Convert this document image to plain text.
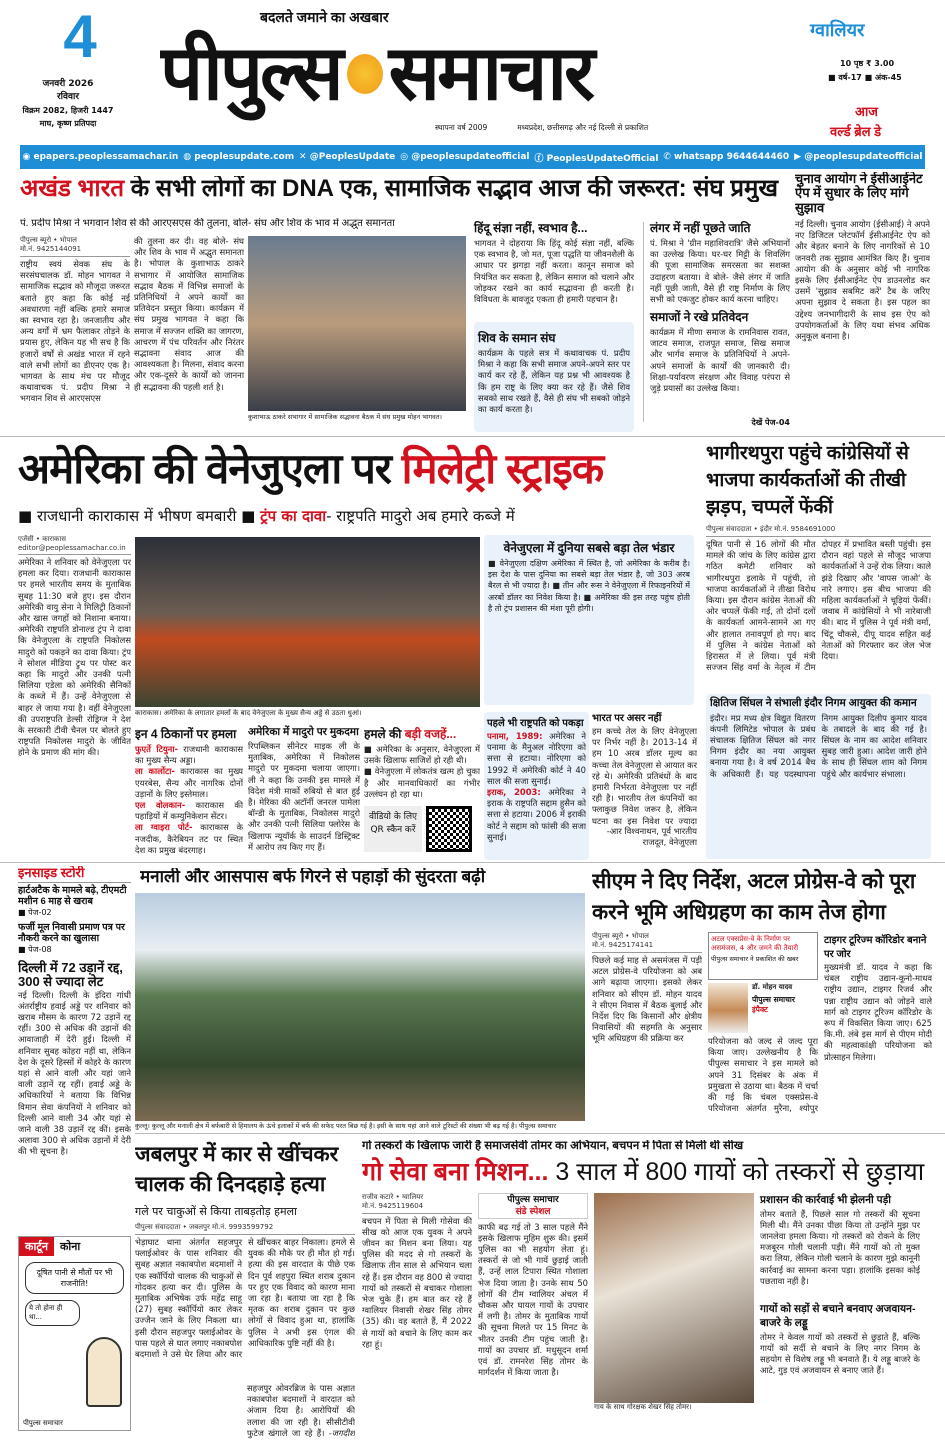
4
जनवरी 2026
रविवार
विक्रम 2082, हिजरी 1447
माघ, कृष्ण प्रतिपदा
बदलते जमाने का अखबार
पीपुल्स समाचार
स्थापना वर्ष 2009	मध्यप्रदेश, छत्तीसगढ़ और नई दिल्ली से प्रकाशित
ग्वालियर
10 पृष्ठ ₹ 3.00
■ वर्ष-17 ■ अंक-45
आज
वर्ल्ड ब्रेल डे
◉ epapers.peoplessamachar.in ◍ peoplesupdate.com ✕ @PeoplesUpdate ◎ @peoplesupdateofficial ⓕ PeoplesUpdateOfficial ✆ whatsapp 9644644460 ▶ @peoplesupdateofficial
अखंड भारत के सभी लोगों का DNA एक, सामाजिक सद्भाव आज की जरूरत: संघ प्रमुख
पं. प्रदीप मिश्रा ने भगवान शिव से की आरएसएस की तुलना, बोले- संघ और शिव के भाव में अद्भुत समानता
पीपुल्स ब्यूरो • भोपाल
मो.नं. 9425144091
राष्ट्रीय स्वयं सेवक संघ के सरसंघचालक डॉ. मोहन भागवत ने सामाजिक सद्भाव को मौजूदा जरूरत बताते हुए कहा कि कोई नई अवधारणा नहीं बल्कि हमारे समाज का स्वभाव रहा है। जनजातीय और अन्य वर्गों में भ्रम फैलाकर तोड़ने के प्रयास हुए, लेकिन यह भी सच है कि हजारों वर्षों से अखंड भारत में रहने वाले सभी लोगों का डीएनए एक है। भागवत के साथ मंच पर मौजूद कथावाचक पं. प्रदीप मिश्रा ने भगवान शिव से आरएसएस
की तुलना कर दी। वह बोले- संघ और शिव के भाव में अद्भुत समानता है। भोपाल के कुशाभाऊ ठाकरे सभागार में आयोजित सामाजिक सद्भाव बैठक में विभिन्न समाजों के प्रतिनिधियों ने अपने कार्यों का प्रतिवेदन प्रस्तुत किया। कार्यक्रम में संघ प्रमुख भागवत ने कहा कि समाज में सज्जन शक्ति का जागरण, आचरण में पंच परिवर्तन और निरंतर सद्भावना संवाद आज की आवश्यकता है। मिलना, संवाद करना और एक-दूसरे के कार्यों को जानना ही सद्भावना की पहली शर्त है।
कुशाभाऊ ठाकरे सभागार में सामाजिक सद्भावना बैठक में संघ प्रमुख मोहन भागवत।
हिंदू संज्ञा नहीं, स्वभाव है...
भागवत ने दोहराया कि हिंदू कोई संज्ञा नहीं, बल्कि एक स्वभाव है, जो मत, पूजा पद्धति या जीवनशैली के आधार पर झगड़ा नहीं करता। कानून समाज को नियंत्रित कर सकता है, लेकिन समाज को चलाने और जोड़कर रखने का कार्य सद्भावना ही करती है। विविधता के बावजूद एकता ही हमारी पहचान है।
शिव के समान संघ
कार्यक्रम के पहले सत्र में कथावाचक पं. प्रदीप मिश्रा ने कहा कि सभी समाज अपने-अपने स्तर पर कार्य कर रहे हैं, लेकिन यह प्रश्न भी आवश्यक है कि हम राष्ट्र के लिए क्या कर रहे हैं। जैसे शिव सबको साथ रखते हैं, वैसे ही संघ भी सबको जोड़ने का कार्य करता है।
लंगर में नहीं पूछते जाति
पं. मिश्रा ने 'ग्रीन महाशिवरात्रि' जैसे अभियानों का उल्लेख किया। घर-घर मिट्टी के शिवलिंग की पूजा सामाजिक समरसता का सशक्त उदाहरण बताया। वे बोले- जैसे लंगर में जाति नहीं पूछी जाती, वैसे ही राष्ट्र निर्माण के लिए सभी को एकजुट होकर कार्य करना चाहिए।
समाजों ने रखे प्रतिवेदन
कार्यक्रम में मीणा समाज के रामनिवास रावत, जाटव समाज, राजपूत समाज, सिख समाज और भार्गव समाज के प्रतिनिधियों ने अपने-अपने समाजों के कार्यों की जानकारी दी। शिक्षा-पर्यावरण संरक्षण और विवाह परंपरा से जुड़े प्रयासों का उल्लेख किया।
देखें पेज-04
चुनाव आयोग ने ईसीआईनेट ऐप में सुधार के लिए मांगे सुझाव
नई दिल्ली। चुनाव आयोग (ईसीआई) ने अपने नए डिजिटल प्लेटफॉर्म ईसीआईनेट ऐप को और बेहतर बनाने के लिए नागरिकों से 10 जनवरी तक सुझाव आमंत्रित किए हैं। चुनाव आयोग की के अनुसार कोई भी नागरिक इसके लिए ईसीआईनेट ऐप डाउनलोड कर उसमें 'सुझाव सबमिट करें' टैब के जरिए अपना सुझाव दे सकता है। इस पहल का उद्देश्य जनभागीदारी के साथ इस ऐप को उपयोगकर्ताओं के लिए यथा संभव अधिक अनुकूल बनाना है।
अमेरिका की वेनेजुएला पर मिलेट्री स्ट्राइक
■ राजधानी काराकास में भीषण बमबारी ■ ट्रंप का दावा- राष्ट्रपति मादुरो अब हमारे कब्जे में
एजेंसी • काराकास
editor@peoplessamachar.co.in
अमेरिका ने शनिवार को वेनेजुएला पर हमला कर दिया। राजधानी काराकास पर हमले भारतीय समय के मुताबिक सुबह 11:30 बजे हुए। इस दौरान अमेरिकी वायु सेना ने मिलिट्री ठिकानों और खास जगहों को निशाना बनाया। अमेरिकी राष्ट्रपति डोनाल्ड ट्रंप ने दावा कि वेनेजुएला के राष्ट्रपति निकोलस मादुरो को पकड़ने का दावा किया। ट्रंप ने सोशल मीडिया ट्रुथ पर पोस्ट कर कहा कि मादुरो और उनकी पत्नी सिलिया एडेला को अमेरिकी सैनिकों के कब्जे में हैं। उन्हें वेनेजुएला से बाहर ले जाया गया है। वहीं वेनेजुएला की उपराष्ट्रपति डेल्सी रोड्रिग्ज ने देश के सरकारी टीवी चैनल पर बोलते हुए राष्ट्रपति निकोलस मादुरो के जीवित होने के प्रमाण की मांग की।
काराकास। अमेरिका के लगातार हमलों के बाद वेनेजुएला के मुख्य सैन्य अड्डे से उठता धुआं।
वेनेजुएला में दुनिया सबसे बड़ा तेल भंडार
■ वेनेजुएला दक्षिण अमेरिका में स्थित है, जो अमेरिका के करीब है। इस देश के पास दुनिया का सबसे बड़ा तेल भंडार है, जो 303 अरब बैरल से भी ज्यादा है। ■ तीन और रूस ने वेनेजुएला में रिफाइनरियों में अरबों डॉलर का निवेश किया है। ■ अमेरिका की इस तरह पहुंच होती है तो ट्रंप प्रशासन की मंशा पूरी होगी।
इन 4 ठिकानों पर हमला
फुएर्ते टियुना- राजधानी काराकास का मुख्य सैन्य अड्डा।
ला कार्लोटा- काराकास का मुख्य एयरबेस, सैन्य और नागरिक दोनों उड़ानों के लिए इस्तेमाल।
एल वोलकान- काराकास की पहाड़ियों में कम्युनिकेशन सेंटर।
ला ग्वाइरा पोर्ट- काराकास के नजदीक, कैरेबियन तट पर स्थित देश का प्रमुख बंदरगाह।
अमेरिका में मादुरो पर मुकदमा
रिपब्लिकन सीनेटर माइक ली के मुताबिक, अमेरिका में निकोलस मादुरो पर मुकदमा चलाया जाएगा। ली ने कहा कि उनकी इस मामले में विदेश मंत्री मार्को रुबियो से बात हुई है। मेरिका की अटॉर्नी जनरल पामेला बॉन्डी के मुताबिक, निकोलस मादुरो और उनकी पत्नी सिलिया फ्लोरेस के खिलाफ न्यूयॉर्क के साउदर्न डिस्ट्रिक्ट में आरोप तय किए गए हैं।
हमले की बड़ी वजहें...
■ अमेरिका के अनुसार, वेनेजुएला में उसके खिलाफ साजिशें हो रही थी।
■ वेनेजुएला में लोकतंत्र खत्म हो चुका है और मानवाधिकारों का गंभीर उल्लंघन हो रहा था।
वीडियो के लिए QR स्कैन करें
पहले भी राष्ट्रपति को पकड़ा
पनामा, 1989: अमेरिका ने पनामा के मैनुअल नोरिएगा को सत्ता से हटाया। नोरिएगा को 1992 में अमेरिकी कोर्ट ने 40 साल की सजा सुनाई।
इराक, 2003: अमेरिका ने इराक के राष्ट्रपति सद्दाम हुसैन को सत्ता से हटाया। 2006 में इराकी कोर्ट ने सद्दाम को फांसी की सजा सुनाई।
भारत पर असर नहीं
हम कच्चे तेल के लिए वेनेजुएला पर निर्भर नहीं है। 2013-14 में हम 10 अरब डॉलर मूल्य का कच्चा तेल वेनेजुएला से आयात कर रहे थे। अमेरिकी प्रतिबंधों के बाद हमारी निर्भरता वेनेजुएला पर नहीं रही है। भारतीय तेल कंपनियों का फ्लाकुछ निवेश जरूर है, लेकिन घटना का इस निवेश पर ज्यादा
-आर विश्वनाथन, पूर्व भारतीय राजदूत, वेनेजुएला
भागीरथपुरा पहुंचे कांग्रेसियों से भाजपा कार्यकर्ताओं की तीखी झड़प, चप्पलें फेंकीं
पीपुल्स संवाददाता • इंदौर मो.नं. 9584691000
दूषित पानी से 16 लोगों की मौत मामले की जांच के लिए कांग्रेस द्वारा गठित कमेटी शनिवार को भागीरथपुरा इलाके में पहुंची, तो भाजपा कार्यकर्ताओं ने तीखा विरोध किया। इस दौरान कांग्रेस नेताओं की ओर चप्पलें फेंकी गईं, तो दोनों दलों के कार्यकर्ता आमने-सामने आ गए और हालात तनावपूर्ण हो गए। बाद में पुलिस ने कांग्रेस नेताओं को हिरासत में ले लिया। पूर्व मंत्री सज्जन सिंह वर्मा के नेतृत्व में टीम दोपहर में प्रभावित बस्ती पहुंची। इस दौरान वहां पहले से मौजूद भाजपा कार्यकर्ताओं ने उन्हें रोक लिया। काले झंडे दिखाए और 'वापस जाओ' के नारे लगाए। इस बीच भाजपा की महिला कार्यकर्ताओं ने चूड़ियां फेंकीं। जवाब में कांग्रेसियों ने भी नारेबाजी की। बाद में पुलिस ने पूर्व मंत्री वर्मा, चिंटू चौकसे, दीपू यादव सहित कई नेताओं को गिरफ्तार कर जेल भेज दिया।
क्षितिज सिंघल ने संभाली इंदौर निगम आयुक्त की कमान
इंदौर। मप्र मध्य क्षेत्र विद्युत वितरण कंपनी लिमिटेड भोपाल के प्रबंध संचालक क्षितिज सिंघल को नगर निगम इंदौर का नया आयुक्त बनाया गया है। वे वर्ष 2014 बैच के अधिकारी हैं। यह पदस्थापना निगम आयुक्त दिलीप कुमार यादव के तबादले के बाद की गई है। सिंघल के नाम का आदेश शनिवार सुबह जारी हुआ। आदेश जारी होने के साथ ही सिंघल शाम को निगम पहुंचे और कार्यभार संभाला।
इनसाइड स्टोरी
हार्टअटैक के मामले बढ़े, टीएमटी मशीन 6 माह से खराब
■ पेज-02
फर्जी मूल निवासी प्रमाण पत्र पर नौकरी करने का खुलासा
■ पेज-08
दिल्ली में 72 उड़ानें रद्द, 300 से ज्यादा लेट
नई दिल्ली। दिल्ली के इंदिरा गांधी अंतर्राष्ट्रीय हवाई अड्डे पर शनिवार को खराब मौसम के कारण 72 उड़ानें रद्द रहीं। 300 से अधिक की उड़ानों की आवाजाही में देरी हुई। दिल्ली में शनिवार सुबह कोहरा नहीं था, लेकिन देश के दूसरे हिस्सों में कोहरे के कारण यहां से आने वाली और यहां जाने वाली उड़ानें रद्द रहीं। हवाई अड्डे के अधिकारियों ने बताया कि विभिन्न विमान सेवा कंपनियों ने शनिवार को दिल्ली आने वाली 34 और यहां से जाने वाली 38 उड़ानें रद्द कीं। इसके अलावा 300 से अधिक उड़ानों में देरी की भी सूचना है।
कार्टून	कोना
दूषित पानी से मौतों पर भी राजनीति!
ये तो होना ही था...
पीपुल्स समाचार
मनाली और आसपास बर्फ गिरने से पहाड़ों की सुंदरता बढ़ी
कुल्लू। कुल्लू और मनाली क्षेत्र में बर्फबारी से हिमालय के ऊंचे इलाकों में बर्फ की सफेद परत बिछ गई है। इसी के साथ यहां आने वाले टूरिस्टों की संख्या भी बढ़ गई है। पीपुल्स समाचार
सीएम ने दिए निर्देश, अटल प्रोग्रेस-वे को पूरा करने भूमि अधिग्रहण का काम तेज होगा
पीपुल्स ब्यूरो • भोपाल
मो.नं. 9425174141
पिछले कई माह से असमंजस में पड़ी अटल प्रोग्रेस-वे परियोजना को अब आगे बढ़ाया जाएगा। इसको लेकर शनिवार को सीएम डॉ. मोहन यादव ने सीएम निवास में बैठक बुलाई और निर्देश दिए कि किसानों और क्षेत्रीय निवासियों की सहमति के अनुसार भूमि अधिग्रहण की प्रक्रिया कर
अटल एक्सप्रेस-वे के निर्माण पर असमंजस, 4 और जमने की तैयारी
पीपुल्स समाचार ने प्रकाशित की खबर
डॉ. मोहन यादव
पीपुल्स समाचार
इंपैक्ट
परियोजना को जल्द से जल्द पूरा किया जाए। उल्लेखनीय है कि पीपुल्स समाचार ने इस मामले को अपने 31 दिसंबर के अंक में प्रमुखता से उठाया था। बैठक में चर्चा की गई कि चंबल एक्सप्रेस-वे परियोजना अंतर्गत मुरैना, श्योपुर
टाइगर टूरिज्म कॉरिडोर बनाने पर जोर
मुख्यमंत्री डॉ. यादव ने कहा कि चंबल राष्ट्रीय उद्यान-कूनो-माधव राष्ट्रीय उद्यान, टाइगर रिजर्व और पन्ना राष्ट्रीय उद्यान को जोड़ने वाले मार्ग को टाइगर टूरिज्म कॉरिडोर के रूप में विकसित किया जाए। 625 कि.मी. लंबे इस मार्ग से पीएम मोदी की महत्वाकांक्षी परियोजना को प्रोत्साहन मिलेगा।
जबलपुर में कार से खींचकर चालक की दिनदहाड़े हत्या
गले पर चाकुओं से किया ताबड़तोड़ हमला
पीपुल्स संवाददाता • जबलपुर मो.नं. 9993599792
भेड़ाघाट थाना अंतर्गत सहजपुर फ्लाईओवर के पास शनिवार की सुबह अज्ञात नकाबपोश बदमाशों ने एक स्कॉर्पियो चालक की चाकुओं से गोदकर हत्या कर दी। पुलिस के मुताबिक अभिषेक उर्फ महेंद्र साहू (27) सुबह स्कॉर्पियो कार लेकर उज्जैन जाने के लिए निकला था। इसी दौरान सहजपुर फ्लाईओवर के पास पहले से घात लगाए नकाबपोश बदमाशों ने उसे घेर लिया और कार से खींचकर बाहर निकाला। हमले से युवक की मौके पर ही मौत हो गई। हत्या की इस वारदात के पीछे एक दिन पूर्व शहपुरा स्थित शराब दुकान पर हुए एक विवाद को कारण माना जा रहा है। बताया जा रहा है कि मृतक का शराब दुकान पर कुछ लोगों से विवाद हुआ था, हालांकि पुलिस ने अभी इस एंगल की आधिकारिक पुष्टि नहीं की है।
सहजपुर ओवरब्रिज के पास अज्ञात नकाबपोश बदमाशों ने वारदात को अंजाम दिया है। आरोपियों की तलाश की जा रही है। सीसीटीवी फुटेज खंगाले जा रहे हैं। -जगदीश
गो तस्करों के खिलाफ जारी है समाजसेवी तोमर का अभियान, बचपन में पिता से मिली थी सीख
गो सेवा बना मिशन... 3 साल में 800 गायों को तस्करों से छुड़ाया
राजीव कटारे • ग्वालियर
मो.नं. 9425119604
बचपन में पिता से मिली गोसेवा की सीख को आज एक युवक ने अपने जीवन का मिशन बना लिया। यह पुलिस की मदद से गो तस्करों के खिलाफ तीन साल से अभियान चला रहे हैं। इस दौरान वह 800 से ज्यादा गायों को तस्करों से बचाकर गोशाला भेज चुके हैं। हम बात कर रहे हैं ग्वालियर निवासी शेखर सिंह तोमर (35) की। वह बताते हैं, मैं 2022 से गायों को बचाने के लिए काम कर रहा हूं।
पीपुल्स समाचार
संडे स्पेशल
काफी बढ़ गई तो 3 साल पहले मैंने इसके खिलाफ मुहिम शुरू की। इसमें पुलिस का भी सहयोग लेता हूं। तस्करों से जो भी गायें छुड़ाई जाती हैं, उन्हें लाल टिपारा स्थित गोशाला भेज दिया जाता है। उनके साथ 50 लोगों की टीम ग्वालियर अंचल में चौकस और घायल गायों के उपचार में लगी है। तोमर के मुताबिक गायों की सूचना मिलते पर 15 मिनट के भीतर उनकी टीम पहुंच जाती है। गायों का उपचार डॉ. मधुसूदन शर्मा एवं डॉ. रामनरेश सिंह तोमर के मार्गदर्शन में किया जाता है।
गाय के साथ गोरक्षक शेखर सिंह तोमर।
प्रशासन की कार्रवाई भी झेलनी पड़ी
तोमर बताते हैं, पिछले साल गो तस्करों की सूचना मिली थी। मैंने उनका पीछा किया तो उन्होंने मुझ पर जानलेवा हमला किया। गो तस्करों को रोकने के लिए मजबूरन गोली चलानी पड़ी। मैंने गायों को तो मुक्त करा लिया, लेकिन गोली चलाने के कारण मुझे कानूनी कार्रवाई का सामना करना पड़ा। हालांकि इसका कोई पछतावा नहीं है।
गायों को सड़ों से बचाने बनवाए अजवायन-बाजरे के लड्डू
तोमर ने केवल गायों को तस्करों से छुड़ाते हैं, बल्कि गायों को सर्दी से बचाने के लिए नगर निगम के सहयोग से विशेष लड्डू भी बनवाते हैं। ये लड्डू बाजरे के आटे, गुड़ एवं अजवायन से बनाए जाते हैं।
